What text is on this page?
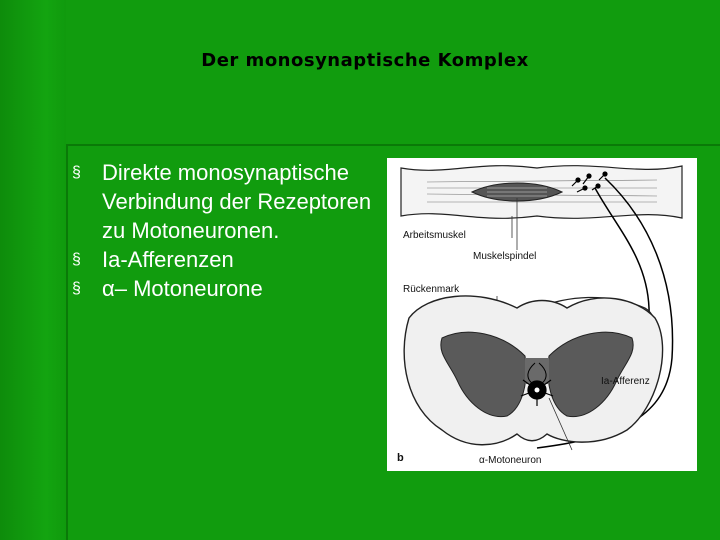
Der monosynaptische Komplex
§ Direkte monosynaptische Verbindung der Rezeptoren zu Motoneuronen.
§ Ia-Afferenzen
§ α– Motoneurone
Arbeitsmuskel
Muskelspindel
Rückenmark
Ia-Afferenz
α-Motoneuron
b
